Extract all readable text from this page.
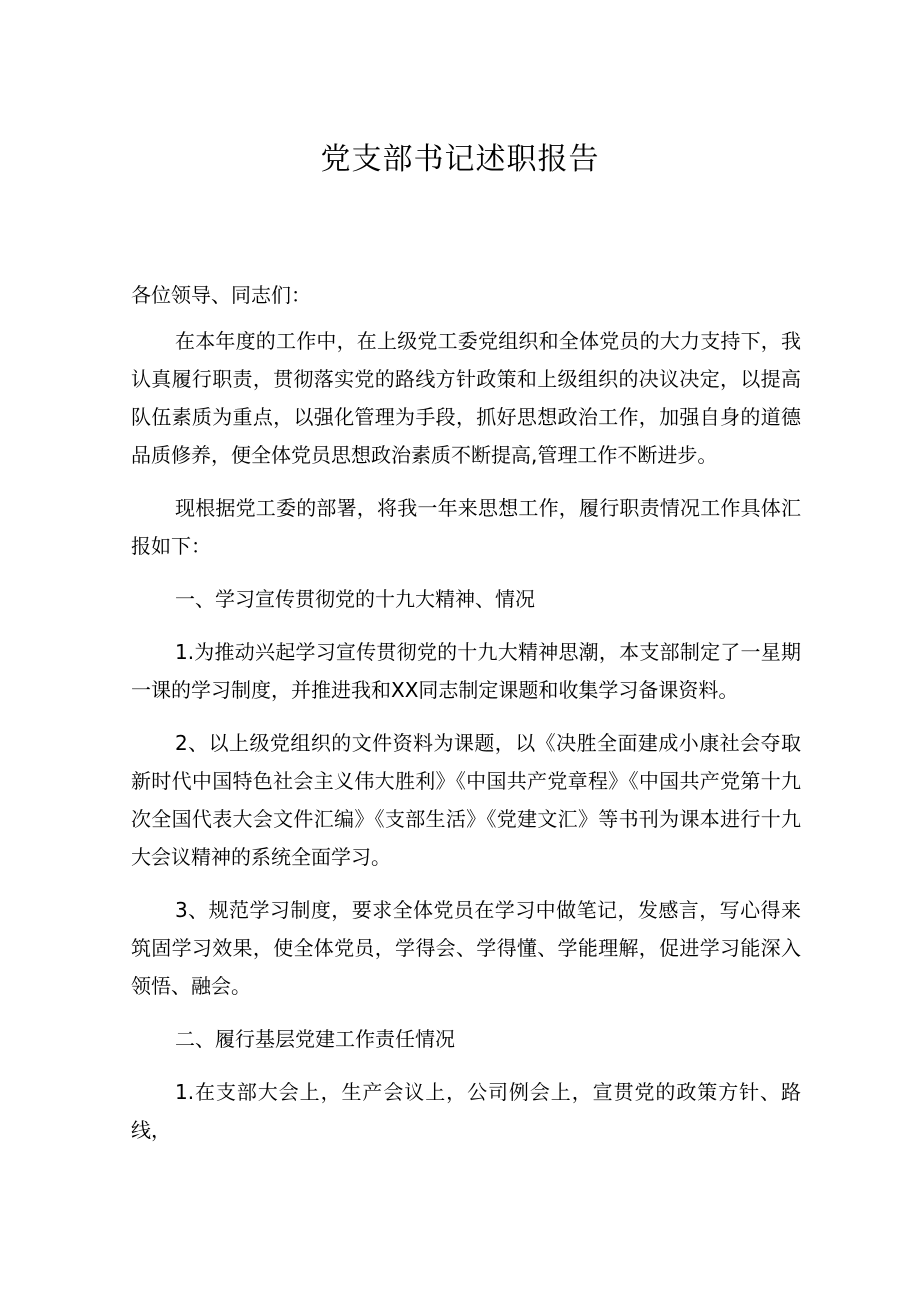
党支部书记述职报告

各位领导、同志们：

在本年度的工作中，在上级党工委党组织和全体党员的大力支持下，我认真履行职责，贯彻落实党的路线方针政策和上级组织的决议决定，以提高队伍素质为重点，以强化管理为手段，抓好思想政治工作，加强自身的道德品质修养，便全体党员思想政治素质不断提高,管理工作不断进步。

现根据党工委的部署，将我一年来思想工作，履行职责情况工作具体汇报如下：

一、学习宣传贯彻党的十九大精神、情况

1.为推动兴起学习宣传贯彻党的十九大精神思潮，本支部制定了一星期一课的学习制度，并推进我和XX同志制定课题和收集学习备课资料。

2、以上级党组织的文件资料为课题，以《决胜全面建成小康社会夺取新时代中国特色社会主义伟大胜利》《中国共产党章程》《中国共产党第十九次全国代表大会文件汇编》《支部生活》《党建文汇》等书刊为课本进行十九大会议精神的系统全面学习。

3、规范学习制度，要求全体党员在学习中做笔记，发感言，写心得来筑固学习效果，使全体党员，学得会、学得懂、学能理解，促进学习能深入领悟、融会。

二、履行基层党建工作责任情况

1.在支部大会上，生产会议上，公司例会上，宣贯党的政策方针、路线，
